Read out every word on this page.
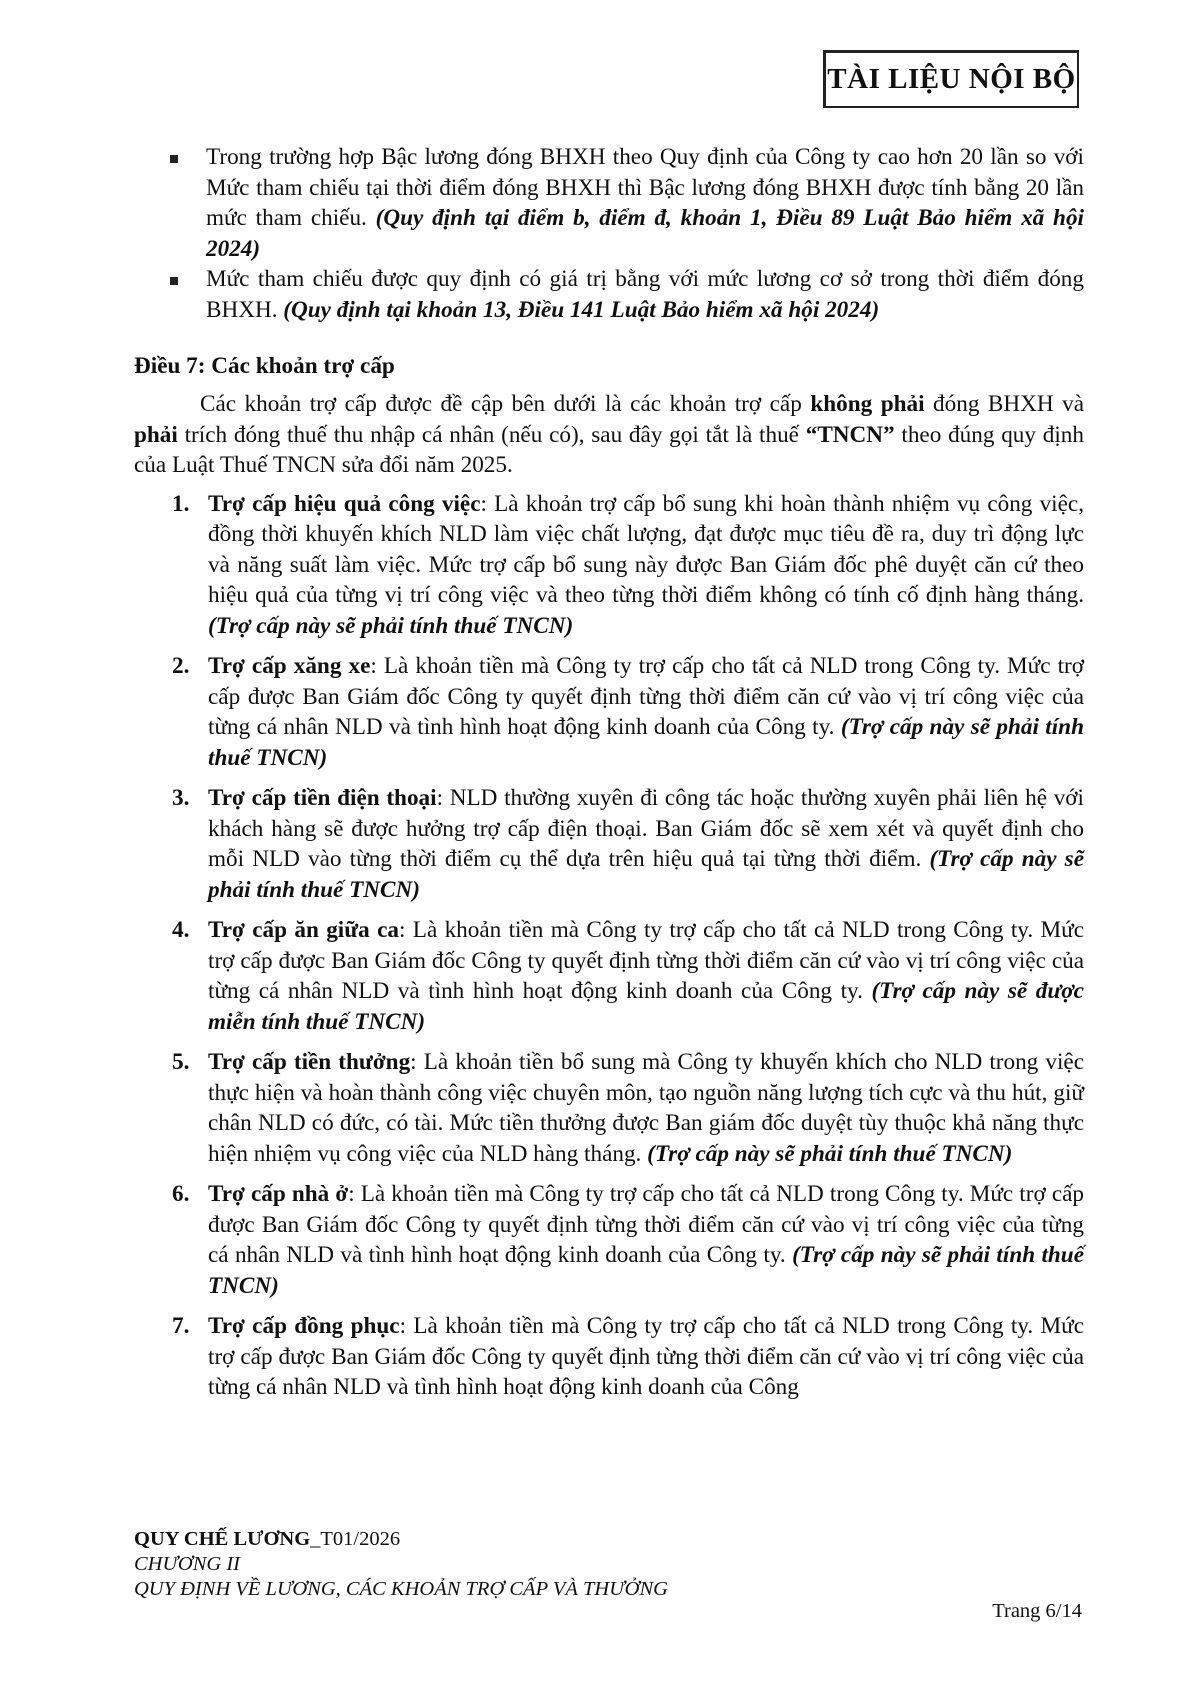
TÀI LIỆU NỘI BỘ
Trong trường hợp Bậc lương đóng BHXH theo Quy định của Công ty cao hơn 20 lần so với Mức tham chiếu tại thời điểm đóng BHXH thì Bậc lương đóng BHXH được tính bằng 20 lần mức tham chiếu. (Quy định tại điểm b, điểm đ, khoản 1, Điều 89 Luật Bảo hiểm xã hội 2024)
Mức tham chiếu được quy định có giá trị bằng với mức lương cơ sở trong thời điểm đóng BHXH. (Quy định tại khoản 13, Điều 141 Luật Bảo hiểm xã hội 2024)
Điều 7: Các khoản trợ cấp

Các khoản trợ cấp được đề cập bên dưới là các khoản trợ cấp không phải đóng BHXH và phải trích đóng thuế thu nhập cá nhân (nếu có), sau đây gọi tắt là thuế “TNCN” theo đúng quy định của Luật Thuế TNCN sửa đổi năm 2025.

1. Trợ cấp hiệu quả công việc: Là khoản trợ cấp bổ sung khi hoàn thành nhiệm vụ công việc, đồng thời khuyến khích NLD làm việc chất lượng, đạt được mục tiêu đề ra, duy trì động lực và năng suất làm việc. Mức trợ cấp bổ sung này được Ban Giám đốc phê duyệt căn cứ theo hiệu quả của từng vị trí công việc và theo từng thời điểm không có tính cố định hàng tháng. (Trợ cấp này sẽ phải tính thuế TNCN)
2. Trợ cấp xăng xe: Là khoản tiền mà Công ty trợ cấp cho tất cả NLD trong Công ty. Mức trợ cấp được Ban Giám đốc Công ty quyết định từng thời điểm căn cứ vào vị trí công việc của từng cá nhân NLD và tình hình hoạt động kinh doanh của Công ty. (Trợ cấp này sẽ phải tính thuế TNCN)
3. Trợ cấp tiền điện thoại: NLD thường xuyên đi công tác hoặc thường xuyên phải liên hệ với khách hàng sẽ được hưởng trợ cấp điện thoại. Ban Giám đốc sẽ xem xét và quyết định cho mỗi NLD vào từng thời điểm cụ thể dựa trên hiệu quả tại từng thời điểm. (Trợ cấp này sẽ phải tính thuế TNCN)
4. Trợ cấp ăn giữa ca: Là khoản tiền mà Công ty trợ cấp cho tất cả NLD trong Công ty. Mức trợ cấp được Ban Giám đốc Công ty quyết định từng thời điểm căn cứ vào vị trí công việc của từng cá nhân NLD và tình hình hoạt động kinh doanh của Công ty. (Trợ cấp này sẽ được miễn tính thuế TNCN)
5. Trợ cấp tiền thưởng: Là khoản tiền bổ sung mà Công ty khuyến khích cho NLD trong việc thực hiện và hoàn thành công việc chuyên môn, tạo nguồn năng lượng tích cực và thu hút, giữ chân NLD có đức, có tài. Mức tiền thưởng được Ban giám đốc duyệt tùy thuộc khả năng thực hiện nhiệm vụ công việc của NLD hàng tháng. (Trợ cấp này sẽ phải tính thuế TNCN)
6. Trợ cấp nhà ở: Là khoản tiền mà Công ty trợ cấp cho tất cả NLD trong Công ty. Mức trợ cấp được Ban Giám đốc Công ty quyết định từng thời điểm căn cứ vào vị trí công việc của từng cá nhân NLD và tình hình hoạt động kinh doanh của Công ty. (Trợ cấp này sẽ phải tính thuế TNCN)
7. Trợ cấp đồng phục: Là khoản tiền mà Công ty trợ cấp cho tất cả NLD trong Công ty. Mức trợ cấp được Ban Giám đốc Công ty quyết định từng thời điểm căn cứ vào vị trí công việc của từng cá nhân NLD và tình hình hoạt động kinh doanh của Công
QUY CHẾ LƯƠNG_T01/2026
CHƯƠNG II
QUY ĐỊNH VỀ LƯƠNG, CÁC KHOẢN TRỢ CẤP VÀ THƯỞNG
Trang 6/14
